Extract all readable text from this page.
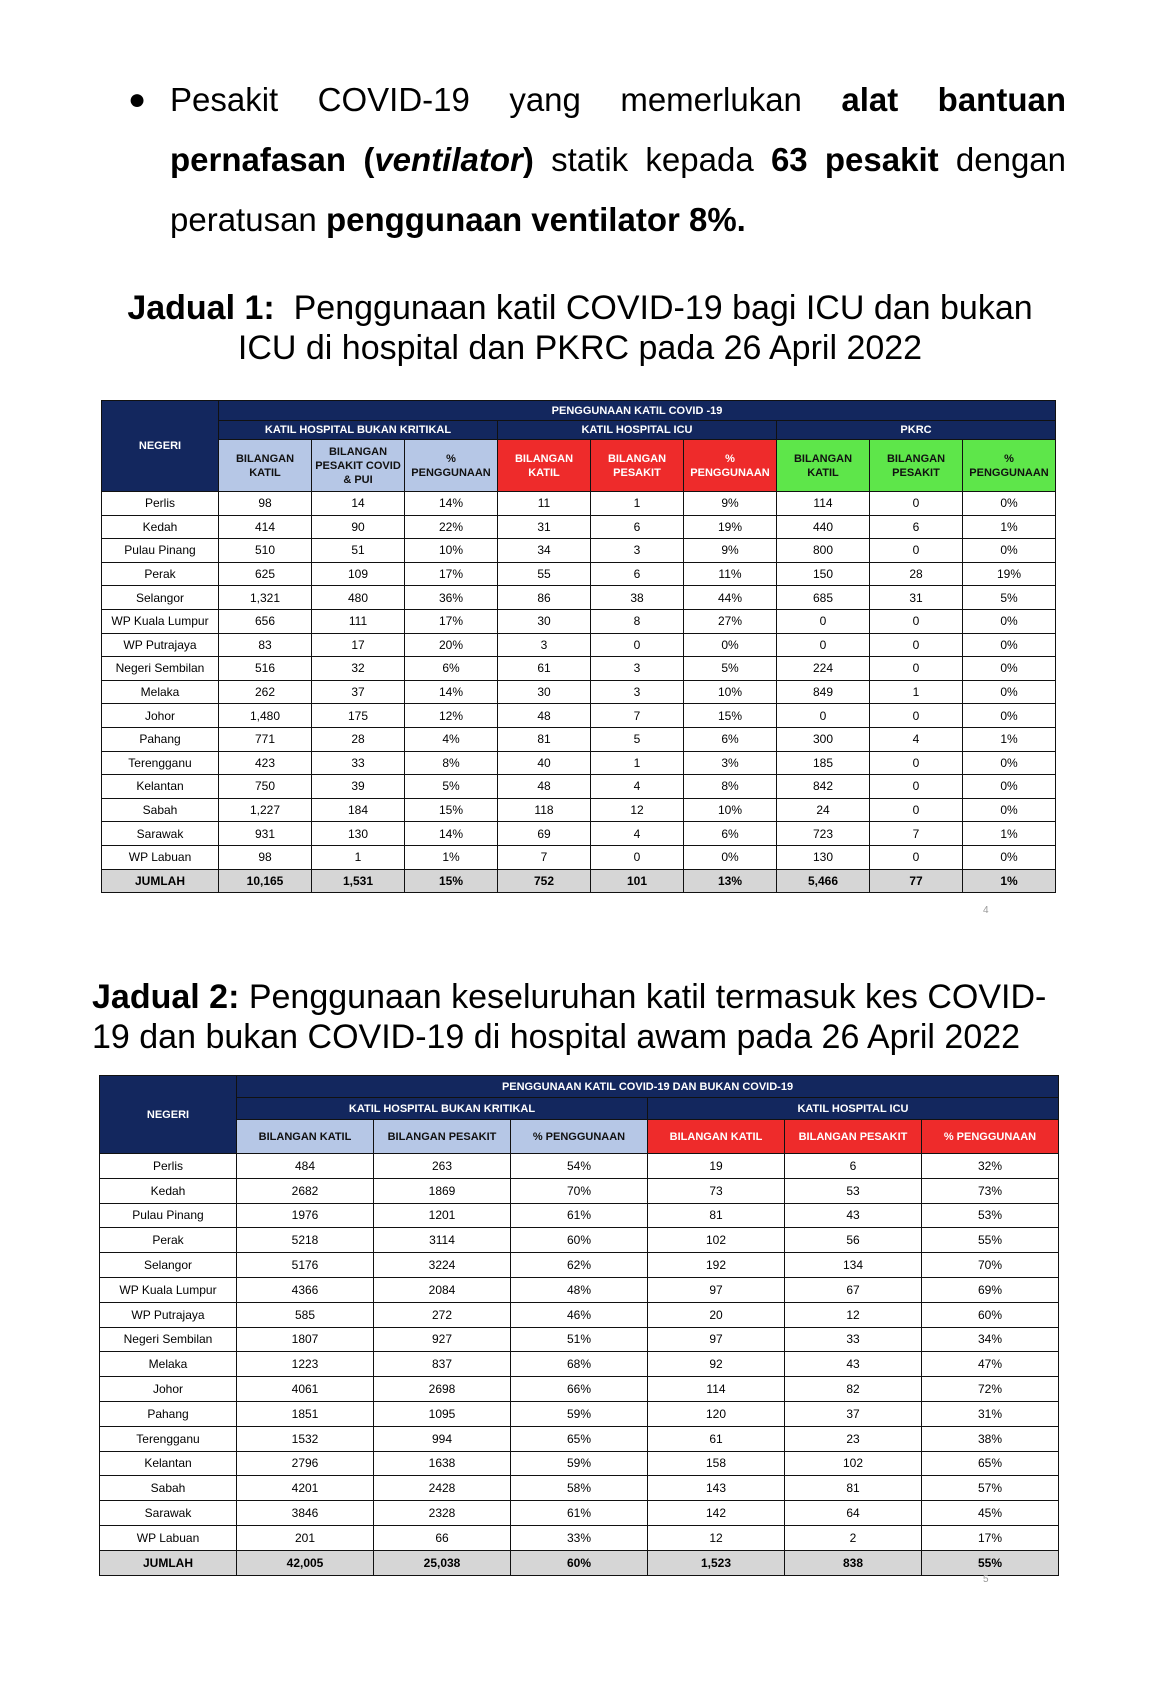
● Pesakit COVID-19 yang memerlukan alat bantuan pernafasan (ventilator) statik kepada 63 pesakit dengan peratusan penggunaan ventilator 8%.
Jadual 1: Penggunaan katil COVID-19 bagi ICU dan bukan ICU di hospital dan PKRC pada 26 April 2022
NEGERI	PENGGUNAAN KATIL COVID -19								
	KATIL HOSPITAL BUKAN KRITIKAL			KATIL HOSPITAL ICU			PKRC		
	BILANGAN KATIL	BILANGAN PESAKIT COVID & PUI	% PENGGUNAAN	BILANGAN KATIL	BILANGAN PESAKIT	% PENGGUNAAN	BILANGAN KATIL	BILANGAN PESAKIT	% PENGGUNAAN
Perlis	98	14	14%	11	1	9%	114	0	0%
Kedah	414	90	22%	31	6	19%	440	6	1%
Pulau Pinang	510	51	10%	34	3	9%	800	0	0%
Perak	625	109	17%	55	6	11%	150	28	19%
Selangor	1,321	480	36%	86	38	44%	685	31	5%
WP Kuala Lumpur	656	111	17%	30	8	27%	0	0	0%
WP Putrajaya	83	17	20%	3	0	0%	0	0	0%
Negeri Sembilan	516	32	6%	61	3	5%	224	0	0%
Melaka	262	37	14%	30	3	10%	849	1	0%
Johor	1,480	175	12%	48	7	15%	0	0	0%
Pahang	771	28	4%	81	5	6%	300	4	1%
Terengganu	423	33	8%	40	1	3%	185	0	0%
Kelantan	750	39	5%	48	4	8%	842	0	0%
Sabah	1,227	184	15%	118	12	10%	24	0	0%
Sarawak	931	130	14%	69	4	6%	723	7	1%
WP Labuan	98	1	1%	7	0	0%	130	0	0%
JUMLAH	10,165	1,531	15%	752	101	13%	5,466	77	1%
4
Jadual 2: Penggunaan keseluruhan katil termasuk kes COVID-19 dan bukan COVID-19 di hospital awam pada 26 April 2022
NEGERI	PENGGUNAAN KATIL COVID-19 DAN BUKAN COVID-19					
	KATIL HOSPITAL BUKAN KRITIKAL			KATIL HOSPITAL ICU		
	BILANGAN KATIL	BILANGAN PESAKIT	% PENGGUNAAN	BILANGAN KATIL	BILANGAN PESAKIT	% PENGGUNAAN
Perlis	484	263	54%	19	6	32%
Kedah	2682	1869	70%	73	53	73%
Pulau Pinang	1976	1201	61%	81	43	53%
Perak	5218	3114	60%	102	56	55%
Selangor	5176	3224	62%	192	134	70%
WP Kuala Lumpur	4366	2084	48%	97	67	69%
WP Putrajaya	585	272	46%	20	12	60%
Negeri Sembilan	1807	927	51%	97	33	34%
Melaka	1223	837	68%	92	43	47%
Johor	4061	2698	66%	114	82	72%
Pahang	1851	1095	59%	120	37	31%
Terengganu	1532	994	65%	61	23	38%
Kelantan	2796	1638	59%	158	102	65%
Sabah	4201	2428	58%	143	81	57%
Sarawak	3846	2328	61%	142	64	45%
WP Labuan	201	66	33%	12	2	17%
JUMLAH	42,005	25,038	60%	1,523	838	55%
5
